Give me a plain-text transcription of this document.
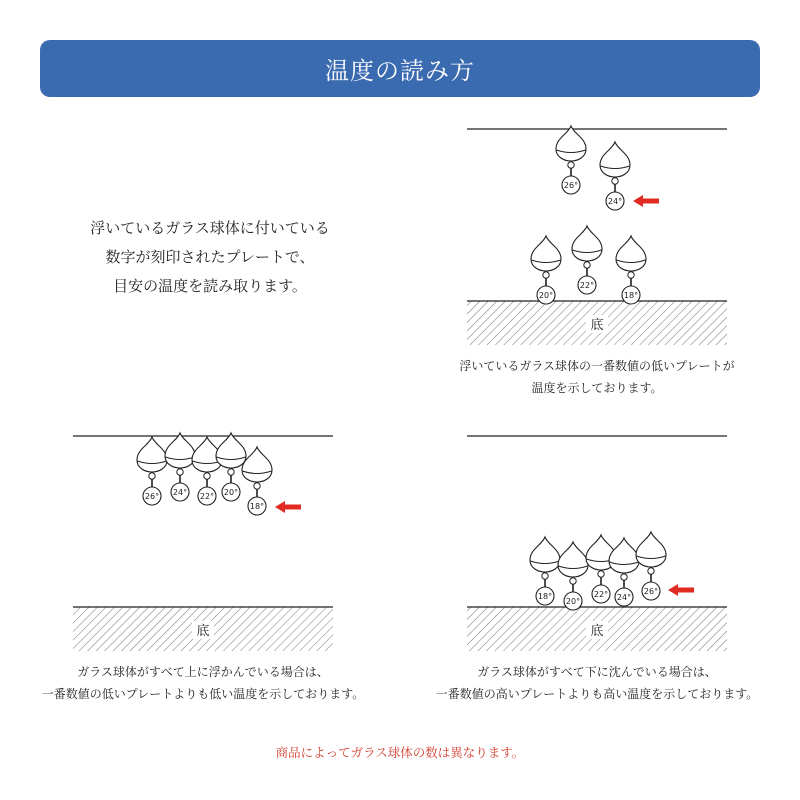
温度の読み方
浮いているガラス球体に付いている
数字が刻印されたプレートで、
目安の温度を読み取ります。
底
26°
24°
20°
22°
18°
底
26° 24° 22° 20°
18°
底
18°
20°
22° 24°
26°
浮いているガラス球体の一番数値の低いプレートが
温度を示しております。
ガラス球体がすべて上に浮かんでいる場合は、
一番数値の低いプレートよりも低い温度を示しております。
ガラス球体がすべて下に沈んでいる場合は、
一番数値の高いプレートよりも高い温度を示しております。
商品によってガラス球体の数は異なります。
